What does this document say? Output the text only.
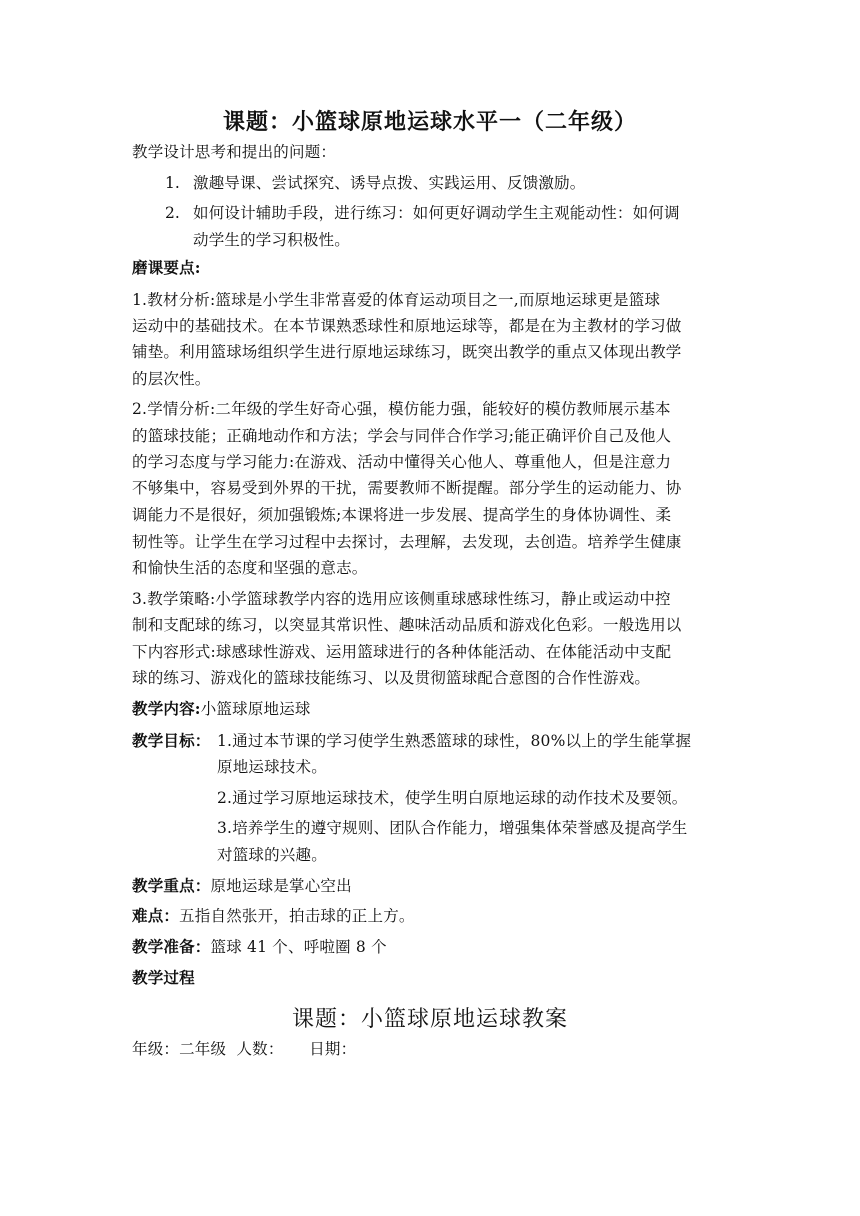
课题：小篮球原地运球水平一（二年级）
教学设计思考和提出的问题：
1. 激趣导课、尝试探究、诱导点拨、实践运用、反馈激励。
2. 如何设计辅助手段，进行练习：如何更好调动学生主观能动性：如何调
动学生的学习积极性。
磨课要点:
1.教材分析:篮球是小学生非常喜爱的体育运动项目之一,而原地运球更是篮球
运动中的基础技术。在本节课熟悉球性和原地运球等，都是在为主教材的学习做
铺垫。利用篮球场组织学生进行原地运球练习，既突出教学的重点又体现出教学
的层次性。
2.学情分析:二年级的学生好奇心强，模仿能力强，能较好的模仿教师展示基本
的篮球技能；正确地动作和方法；学会与同伴合作学习;能正确评价自己及他人
的学习态度与学习能力:在游戏、活动中懂得关心他人、尊重他人，但是注意力
不够集中，容易受到外界的干扰，需要教师不断提醒。部分学生的运动能力、协
调能力不是很好，须加强锻炼;本课将进一步发展、提高学生的身体协调性、柔
韧性等。让学生在学习过程中去探讨，去理解，去发现，去创造。培养学生健康
和愉快生活的态度和坚强的意志。
3.教学策略:小学篮球教学内容的选用应该侧重球感球性练习，静止或运动中控
制和支配球的练习，以突显其常识性、趣味活动品质和游戏化色彩。一般选用以
下内容形式:球感球性游戏、运用篮球进行的各种体能活动、在体能活动中支配
球的练习、游戏化的篮球技能练习、以及贯彻篮球配合意图的合作性游戏。
教学内容:小篮球原地运球
教学目标： 1.通过本节课的学习使学生熟悉篮球的球性，80%以上的学生能掌握
原地运球技术。
2.通过学习原地运球技术，使学生明白原地运球的动作技术及要领。
3.培养学生的遵守规则、团队合作能力，增强集体荣誉感及提高学生
对篮球的兴趣。
教学重点：原地运球是掌心空出
难点：五指自然张开，拍击球的正上方。
教学准备：篮球 41 个、呼啦圈 8 个
教学过程
课题：小篮球原地运球教案
年级：二年级  人数：     日期：
